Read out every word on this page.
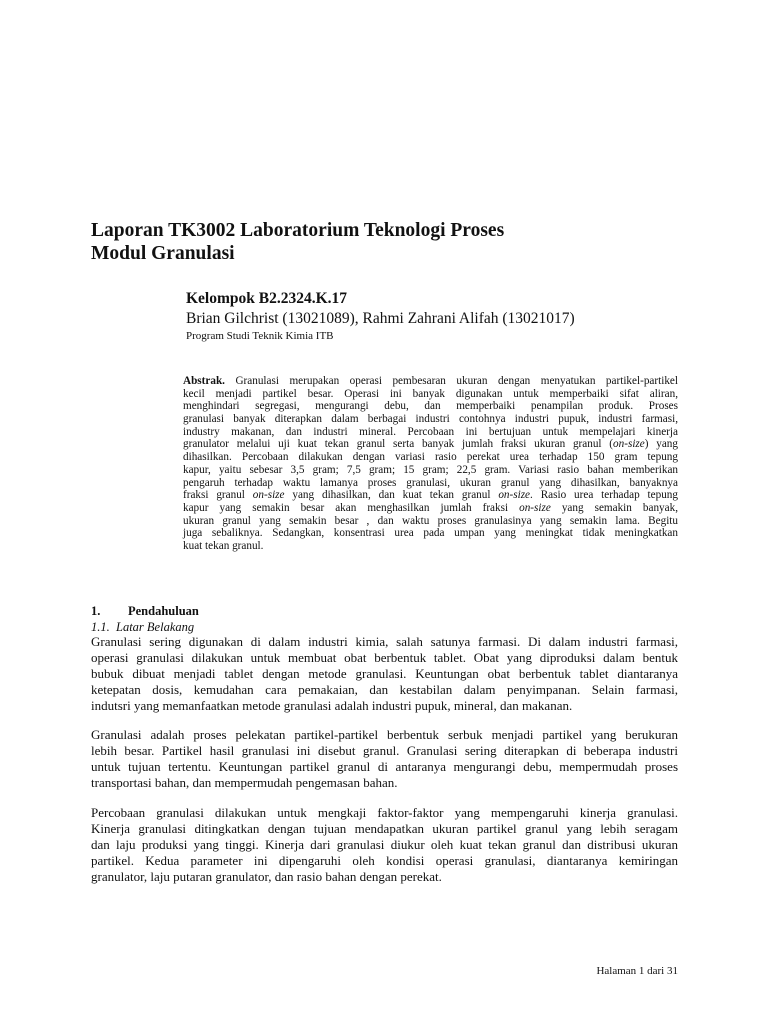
Laporan TK3002 Laboratorium Teknologi Proses
Modul Granulasi
Kelompok B2.2324.K.17
Brian Gilchrist (13021089), Rahmi Zahrani Alifah (13021017)
Program Studi Teknik Kimia ITB
Abstrak. Granulasi merupakan operasi pembesaran ukuran dengan menyatukan partikel-partikel
kecil menjadi partikel besar. Operasi ini banyak digunakan untuk memperbaiki sifat aliran,
menghindari segregasi, mengurangi debu, dan memperbaiki penampilan produk. Proses
granulasi banyak diterapkan dalam berbagai industri contohnya industri pupuk, industri farmasi,
industry makanan, dan industri mineral. Percobaan ini bertujuan untuk mempelajari kinerja
granulator melalui uji kuat tekan granul serta banyak jumlah fraksi ukuran granul (on-size) yang
dihasilkan. Percobaan dilakukan dengan variasi rasio perekat urea terhadap 150 gram tepung
kapur, yaitu sebesar 3,5 gram; 7,5 gram; 15 gram; 22,5 gram. Variasi rasio bahan memberikan
pengaruh terhadap waktu lamanya proses granulasi, ukuran granul yang dihasilkan, banyaknya
fraksi granul on-size yang dihasilkan, dan kuat tekan granul on-size. Rasio urea terhadap tepung
kapur yang semakin besar akan menghasilkan jumlah fraksi on-size yang semakin banyak,
ukuran granul yang semakin besar , dan waktu proses granulasinya yang semakin lama. Begitu
juga sebaliknya. Sedangkan, konsentrasi urea pada umpan yang meningkat tidak meningkatkan
kuat tekan granul.
1. Pendahuluan
1.1. Latar Belakang
Granulasi sering digunakan di dalam industri kimia, salah satunya farmasi. Di dalam industri farmasi,
operasi granulasi dilakukan untuk membuat obat berbentuk tablet. Obat yang diproduksi dalam bentuk
bubuk dibuat menjadi tablet dengan metode granulasi. Keuntungan obat berbentuk tablet diantaranya
ketepatan dosis, kemudahan cara pemakaian, dan kestabilan dalam penyimpanan. Selain farmasi,
indutsri yang memanfaatkan metode granulasi adalah industri pupuk, mineral, dan makanan.
Granulasi adalah proses pelekatan partikel-partikel berbentuk serbuk menjadi partikel yang berukuran
lebih besar. Partikel hasil granulasi ini disebut granul. Granulasi sering diterapkan di beberapa industri
untuk tujuan tertentu. Keuntungan partikel granul di antaranya mengurangi debu, mempermudah proses
transportasi bahan, dan mempermudah pengemasan bahan.
Percobaan granulasi dilakukan untuk mengkaji faktor-faktor yang mempengaruhi kinerja granulasi.
Kinerja granulasi ditingkatkan dengan tujuan mendapatkan ukuran partikel granul yang lebih seragam
dan laju produksi yang tinggi. Kinerja dari granulasi diukur oleh kuat tekan granul dan distribusi ukuran
partikel. Kedua parameter ini dipengaruhi oleh kondisi operasi granulasi, diantaranya kemiringan
granulator, laju putaran granulator, dan rasio bahan dengan perekat.
Halaman 1 dari 31
